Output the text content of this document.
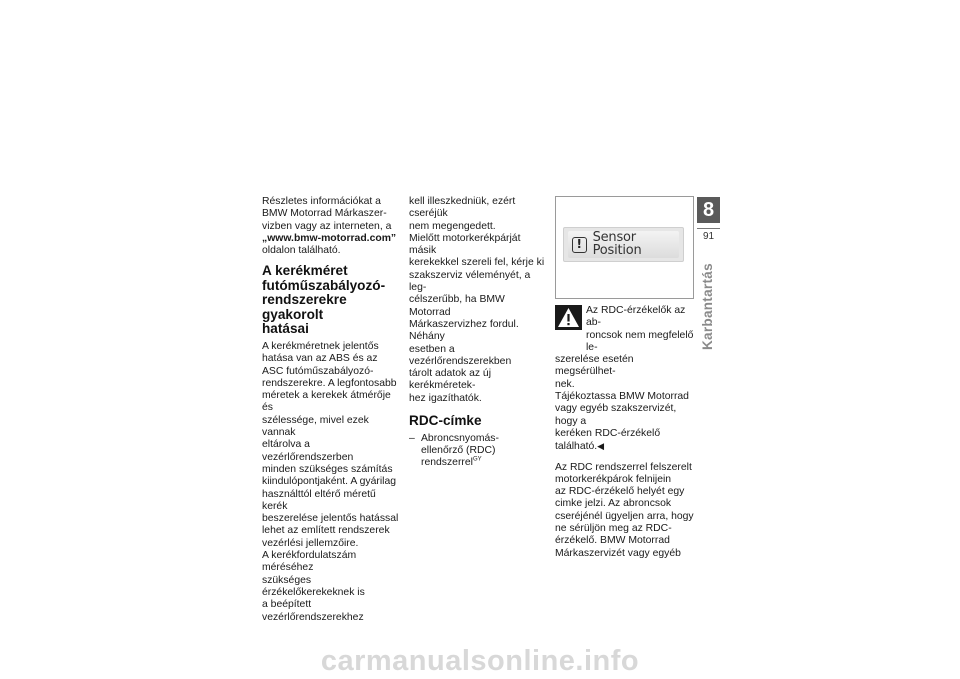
Részletes információkat a

BMW Motorrad Márkaszer-

vizben vagy az interneten, a

„www.bmw-motorrad.com”

oldalon található.

A kerékméret
futóműszabályozó-
rendszerekre gyakorolt
hatásai

A kerékméretnek jelentős

hatása van az ABS és az

ASC futóműszabályozó-

rendszerekre. A legfontosabb

méretek a kerekek átmérője és

szélessége, mivel ezek vannak

eltárolva a vezérlőrendszerben

minden szükséges számítás

kiindulópontjaként. A gyárilag

használttól eltérő méretű kerék

beszerelése jelentős hatással

lehet az említett rendszerek

vezérlési jellemzőire.

A kerékfordulatszám méréséhez

szükséges érzékelőkerekeknek is

a beépített vezérlőrendszerekhez

kell illeszkedniük, ezért cseréjük

nem megengedett.

Mielőtt motorkerékpárját másik

kerekekkel szereli fel, kérje ki

szakszerviz véleményét, a leg-

célszerűbb, ha BMW Motorrad

Márkaszervizhez fordul. Néhány

esetben a vezérlőrendszerekben

tárolt adatok az új kerékméretek-

hez igazíthatók.

RDC-címke
– Abroncsnyomás-
ellenőrző (RDC) rendszerrel$^{GY}$
! Sensor Position

Az RDC-érzékelők az ab-

roncsok nem megfelelő le-

szerelése esetén megsérülhet-

nek.

Tájékoztassa BMW Motorrad

vagy egyéb szakszervizét, hogy a

keréken RDC-érzékelő található.◀

Az RDC rendszerrel felszerelt

motorkerékpárok felnijein

az RDC-érzékelő helyét egy

cimke jelzi. Az abroncsok

cseréjénél ügyeljen arra, hogy

ne sérüljön meg az RDC-

érzékelő. BMW Motorrad

Márkaszervizét vagy egyéb

8
91
Karbantartás
carmanualsonline.info
